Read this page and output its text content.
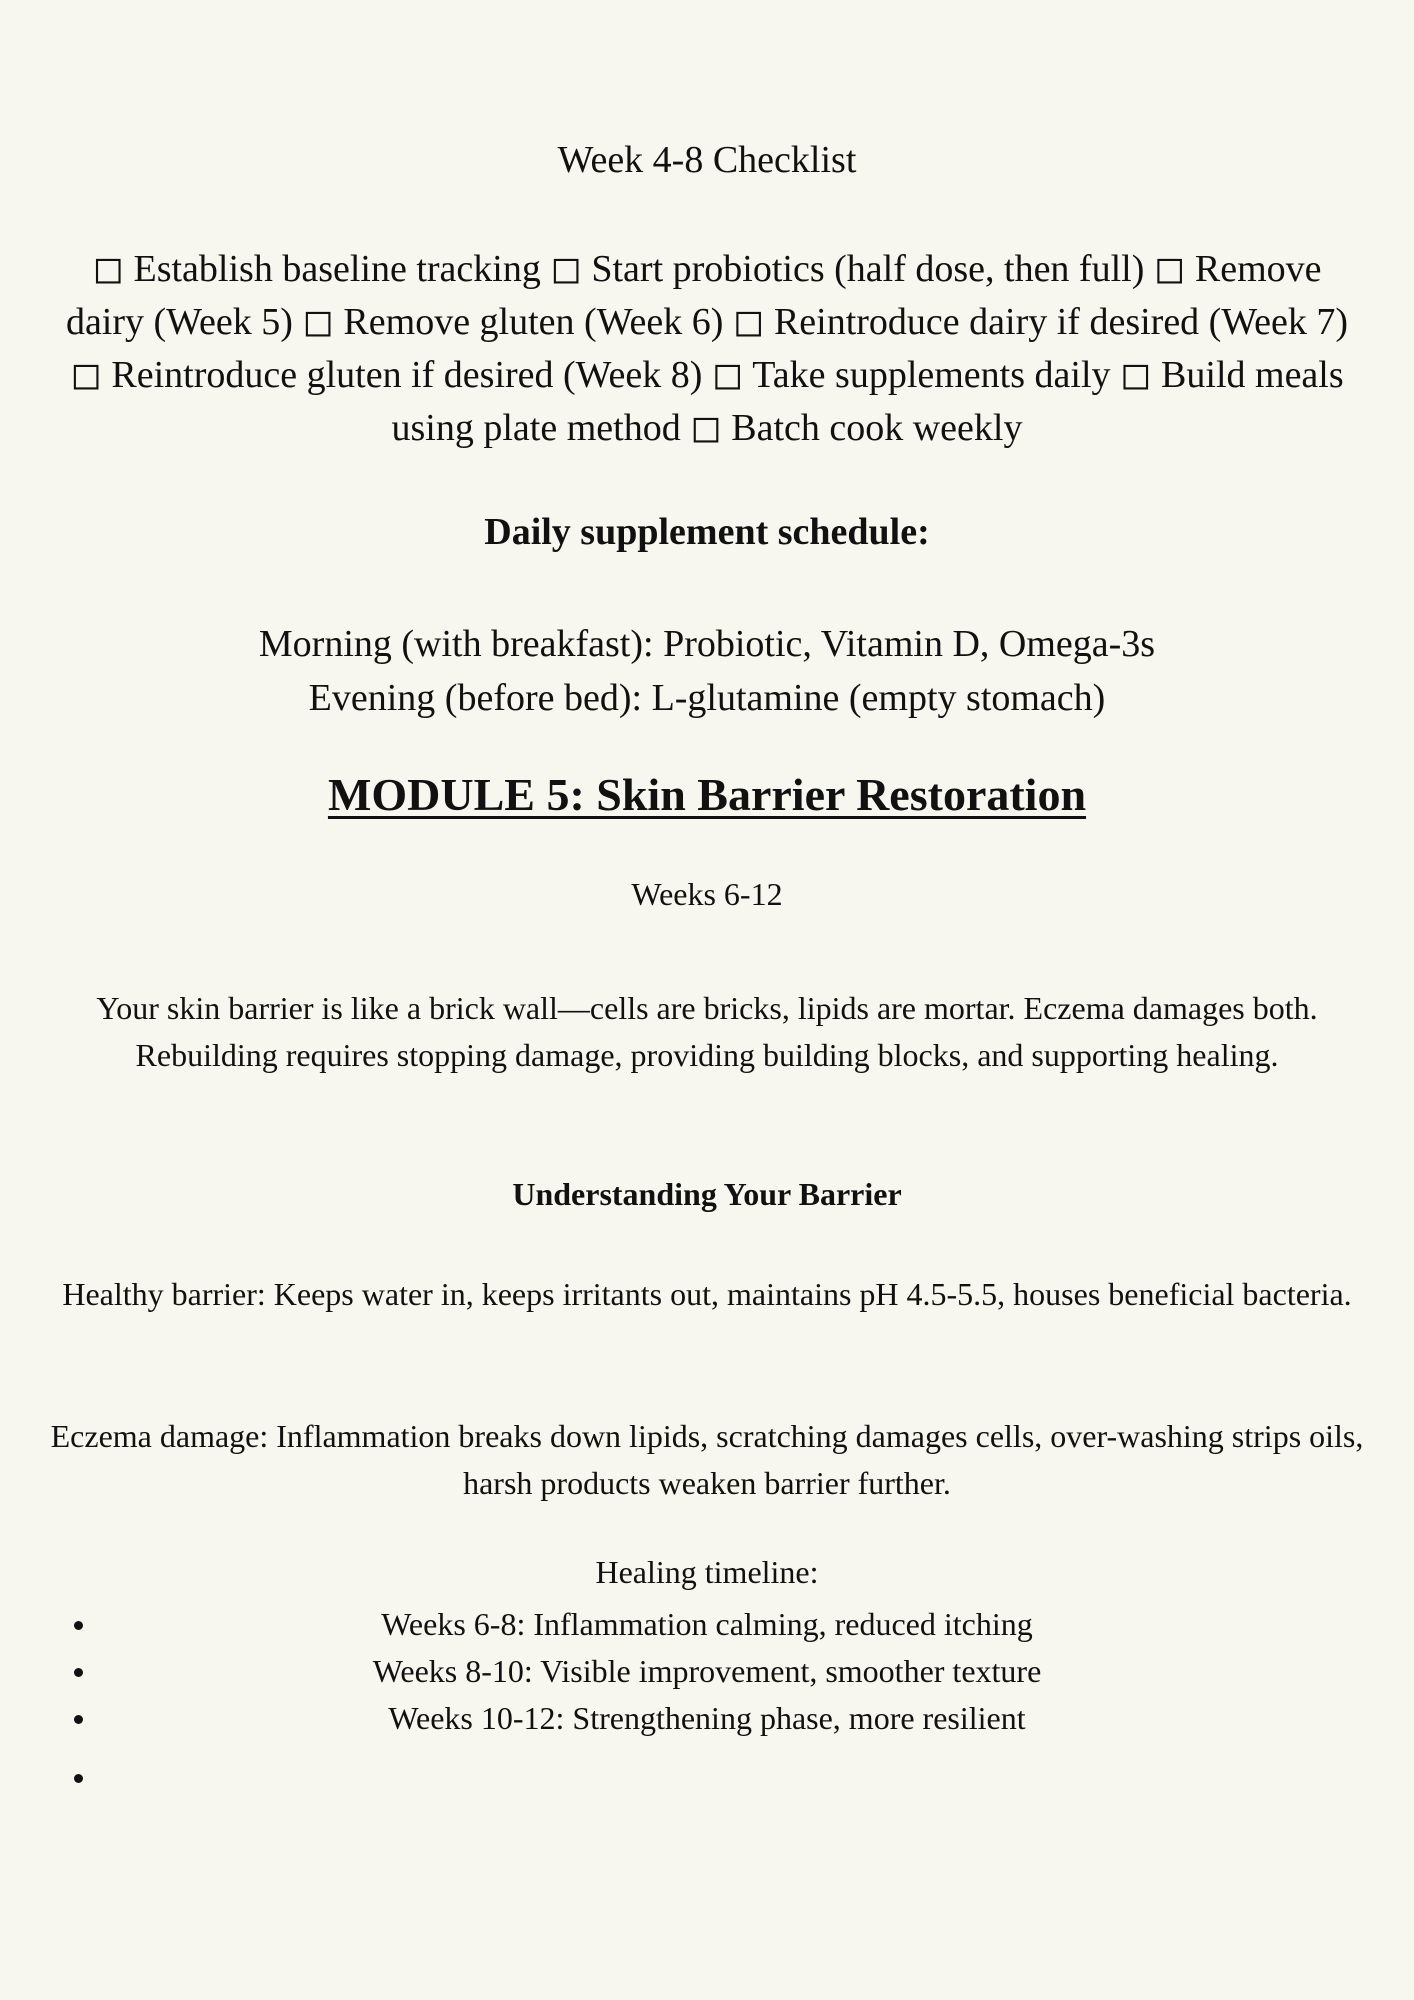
Week 4-8 Checklist
◻ Establish baseline tracking ◻ Start probiotics (half dose, then full) ◻ Remove dairy (Week 5) ◻ Remove gluten (Week 6) ◻ Reintroduce dairy if desired (Week 7) ◻ Reintroduce gluten if desired (Week 8) ◻ Take supplements daily ◻ Build meals using plate method ◻ Batch cook weekly
Daily supplement schedule:
Morning (with breakfast): Probiotic, Vitamin D, Omega-3s
Evening (before bed): L-glutamine (empty stomach)
MODULE 5: Skin Barrier Restoration
Weeks 6-12
Your skin barrier is like a brick wall—cells are bricks, lipids are mortar. Eczema damages both. Rebuilding requires stopping damage, providing building blocks, and supporting healing.
Understanding Your Barrier
Healthy barrier: Keeps water in, keeps irritants out, maintains pH 4.5-5.5, houses beneficial bacteria.
Eczema damage: Inflammation breaks down lipids, scratching damages cells, over-washing strips oils, harsh products weaken barrier further.
Healing timeline:
Weeks 6-8: Inflammation calming, reduced itching
Weeks 8-10: Visible improvement, smoother texture
Weeks 10-12: Strengthening phase, more resilient
